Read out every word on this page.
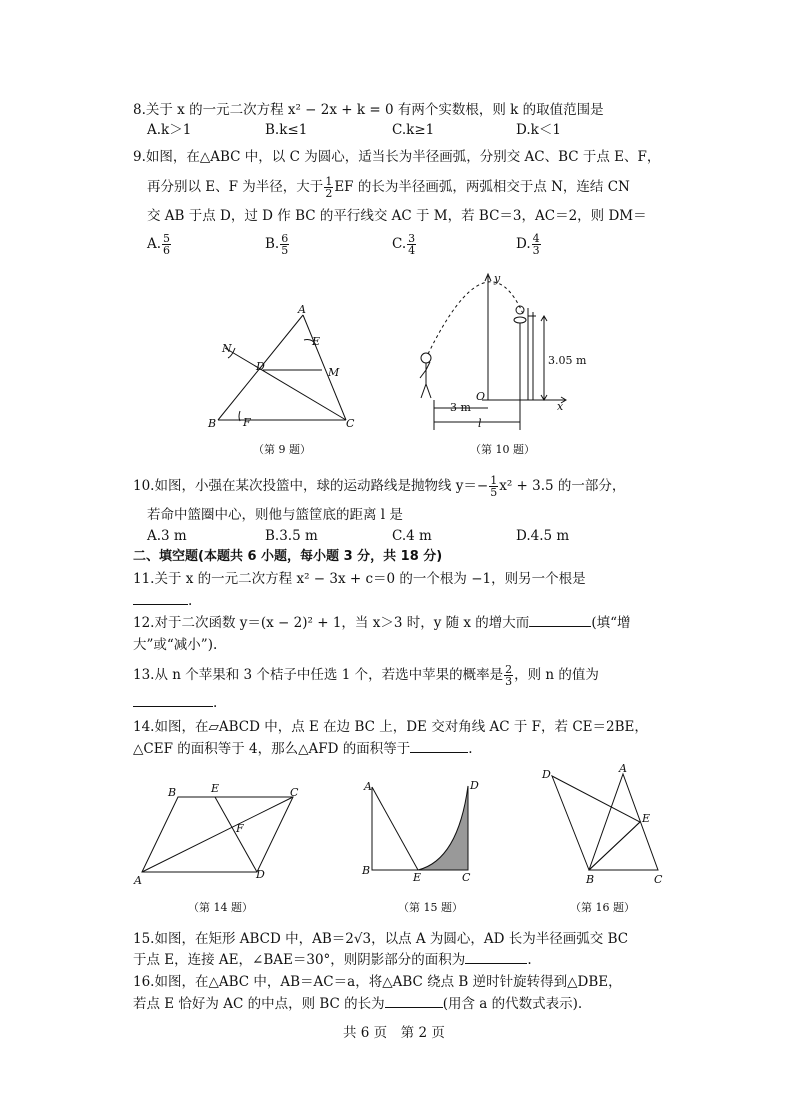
8.关于 x 的一元二次方程 x² − 2x + k = 0 有两个实数根，则 k 的取值范围是
A.k＞1	B.k≤1	C.k≥1	D.k＜1
9.如图，在△ABC 中，以 C 为圆心，适当长为半径画弧，分别交 AC、BC 于点 E、F，
再分别以 E、F 为半径，大于 $\frac{1}{2}$ EF 的长为半径画弧，两弧相交于点 N，连结 CN
交 AB 于点 D，过 D 作 BC 的平行线交 AC 于 M，若 BC＝3，AC＝2，则 DM＝
A. $\frac{5}{6}$	B. $\frac{6}{5}$	C. $\frac{3}{4}$	D. $\frac{4}{3}$
A
B	C
D
E
F
M
N
（第 9 题）
y
x
O
3.05 m
3 m
l
（第 10 题）
10.如图，小强在某次投篮中，球的运动路线是抛物线 $y=- \frac{1}{5} x^2 + 3.5$ 的一部分，
若命中篮圈中心，则他与篮筐底的距离 l 是
A.3 m	B.3.5 m	C.4 m	D.4.5 m
二、填空题(本题共 6 小题，每小题 3 分，共 18 分)
11.关于 x 的一元二次方程 x² − 3x + c＝0 的一个根为 −1，则另一个根是
.
12.对于二次函数 y＝(x − 2)² + 1，当 x＞3 时，y 随 x 的增大而	(填“增
大”或“减小”).
13.从 n 个苹果和 3 个桔子中任选 1 个，若选中苹果的概率是 $\frac{2}{3}$ ，则 n 的值为
.
14.如图，在▱ABCD 中，点 E 在边 BC 上，DE 交对角线 AC 于 F，若 CE＝2BE，
△CEF 的面积等于 4，那么△AFD 的面积等于	.
A
B	C
D
E
F
（第 14 题）
A
B
C
D
E
（第 15 题）
A
B	C
D
E
（第 16 题）
15.如图，在矩形 ABCD 中，AB＝2√3，以点 A 为圆心，AD 长为半径画弧交 BC
于点 E，连接 AE，∠BAE＝30°，则阴影部分的面积为	.
16.如图，在△ABC 中，AB＝AC＝a，将△ABC 绕点 B 逆时针旋转得到△DBE，
若点 E 恰好为 AC 的中点，则 BC 的长为	(用含 a 的代数式表示).
共 6 页　第 2 页
